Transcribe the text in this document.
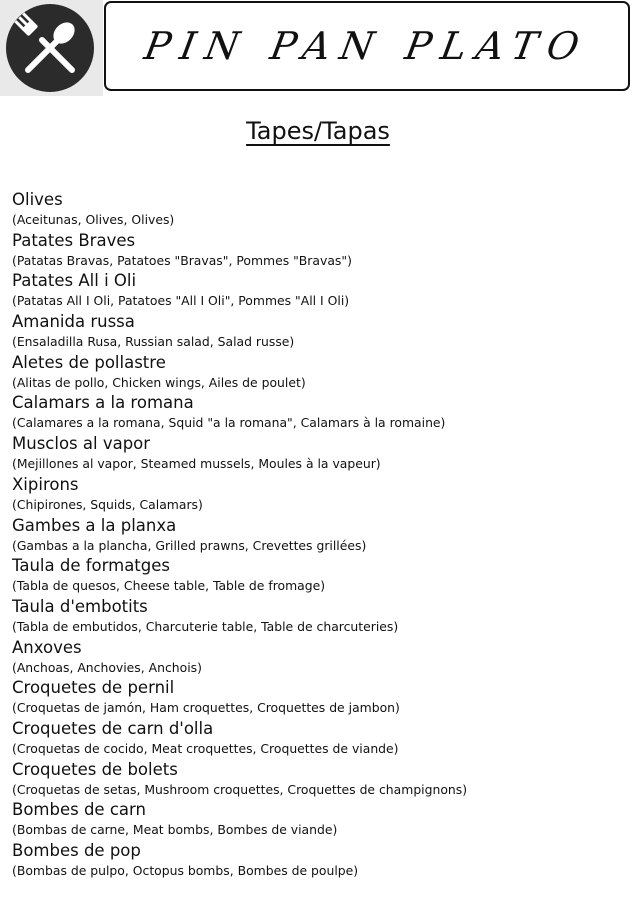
PIN PAN PLATO
Tapes/Tapas
Olives
(Aceitunas, Olives, Olives)
Patates Braves
(Patatas Bravas, Patatoes "Bravas", Pommes "Bravas")
Patates All i Oli
(Patatas All I Oli, Patatoes "All I Oli", Pommes "All I Oli)
Amanida russa
(Ensaladilla Rusa, Russian salad, Salad russe)
Aletes de pollastre
(Alitas de pollo, Chicken wings, Ailes de poulet)
Calamars a la romana
(Calamares a la romana, Squid "a la romana", Calamars à la romaine)
Musclos al vapor
(Mejillones al vapor, Steamed mussels, Moules à la vapeur)
Xipirons
(Chipirones, Squids, Calamars)
Gambes a la planxa
(Gambas a la plancha, Grilled prawns, Crevettes grillées)
Taula de formatges
(Tabla de quesos, Cheese table, Table de fromage)
Taula d'embotits
(Tabla de embutidos, Charcuterie table, Table de charcuteries)
Anxoves
(Anchoas, Anchovies, Anchois)
Croquetes de pernil
(Croquetas de jamón, Ham croquettes, Croquettes de jambon)
Croquetes de carn d'olla
(Croquetas de cocido, Meat croquettes, Croquettes de viande)
Croquetes de bolets
(Croquetas de setas, Mushroom croquettes, Croquettes de champignons)
Bombes de carn
(Bombas de carne, Meat bombs, Bombes de viande)
Bombes de pop
(Bombas de pulpo, Octopus bombs, Bombes de poulpe)
